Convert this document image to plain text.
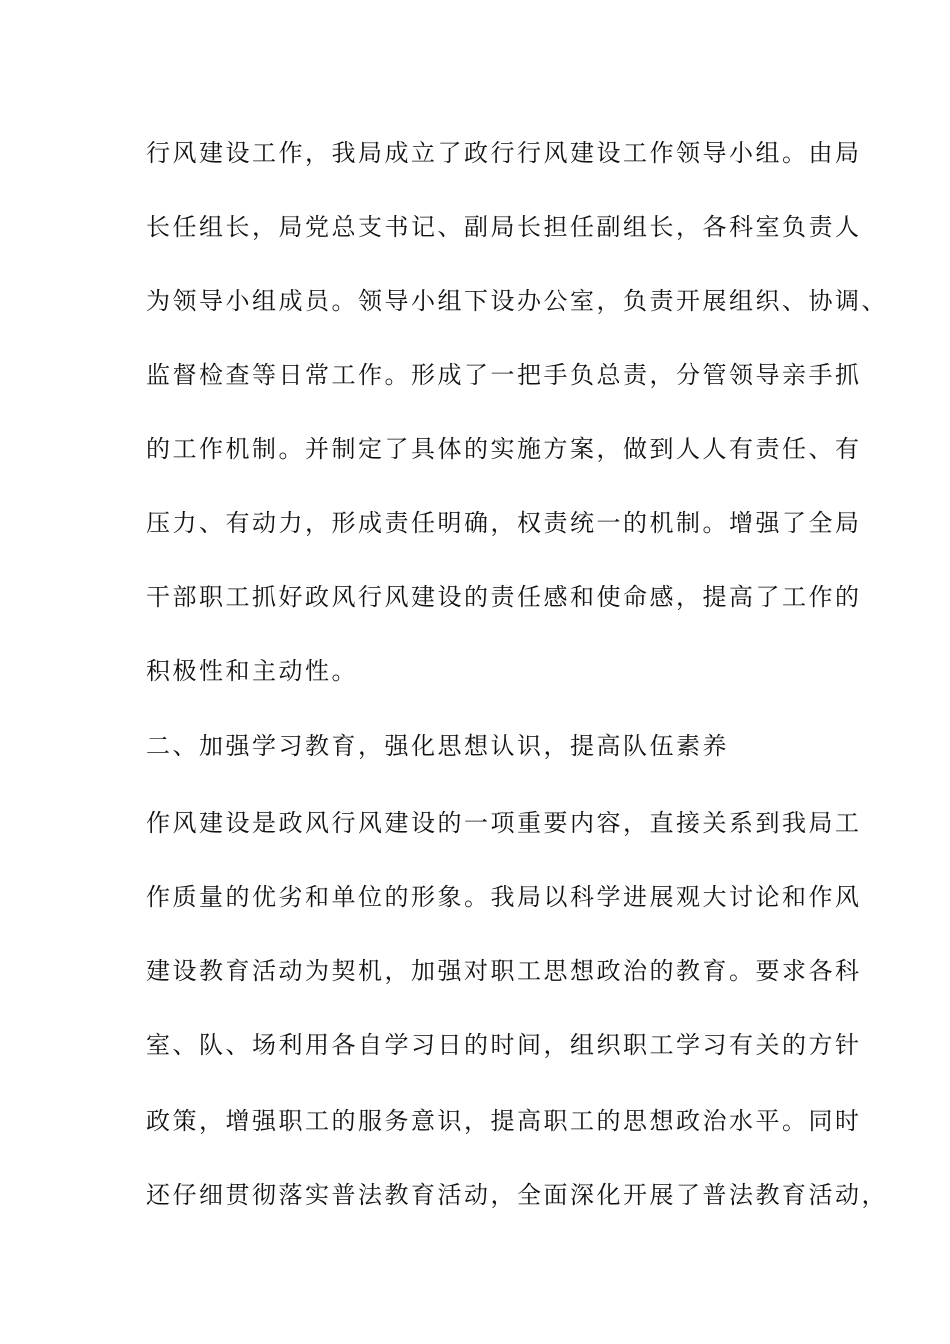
行风建设工作，我局成立了政行行风建设工作领导小组。由局
长任组长，局党总支书记、副局长担任副组长，各科室负责人
为领导小组成员。领导小组下设办公室，负责开展组织、协调、
监督检查等日常工作。形成了一把手负总责，分管领导亲手抓
的工作机制。并制定了具体的实施方案，做到人人有责任、有
压力、有动力，形成责任明确，权责统一的机制。增强了全局
干部职工抓好政风行风建设的责任感和使命感，提高了工作的
积极性和主动性。
二、加强学习教育，强化思想认识，提高队伍素养
作风建设是政风行风建设的一项重要内容，直接关系到我局工
作质量的优劣和单位的形象。我局以科学进展观大讨论和作风
建设教育活动为契机，加强对职工思想政治的教育。要求各科
室、队、场利用各自学习日的时间，组织职工学习有关的方针
政策，增强职工的服务意识，提高职工的思想政治水平。同时
还仔细贯彻落实普法教育活动，全面深化开展了普法教育活动，
